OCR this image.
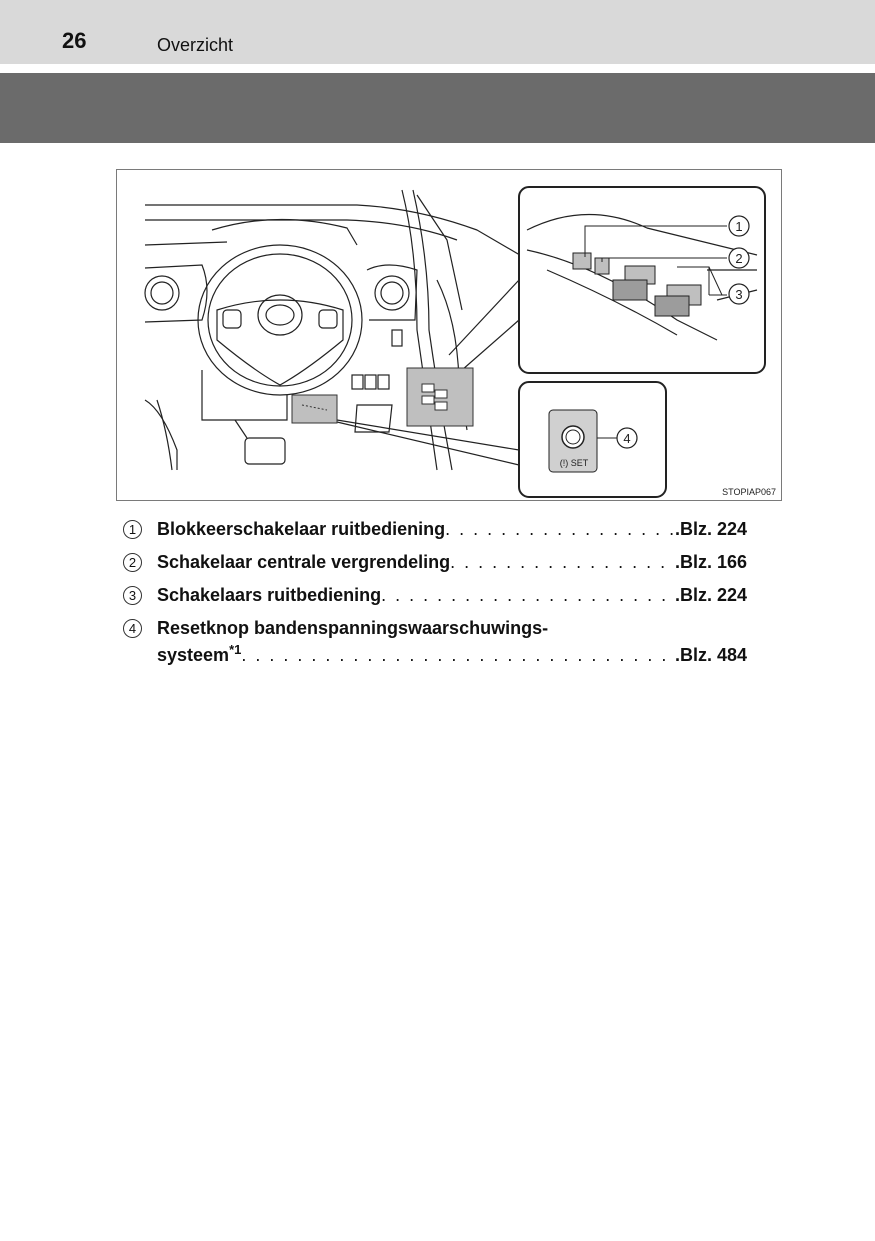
26	Overzicht
1
2
3
(!) SET
4
STOPIAP067
1	Blokkeerschakelaar ruitbediening . . .	.Blz. 224
2	Schakelaar centrale vergrendeling . . .	.Blz. 166
3	Schakelaars ruitbediening . . .	.Blz. 224
4	Resetknop bandenspanningswaarschuwings-
systeem$^{*1}$ . . .	.Blz. 484
